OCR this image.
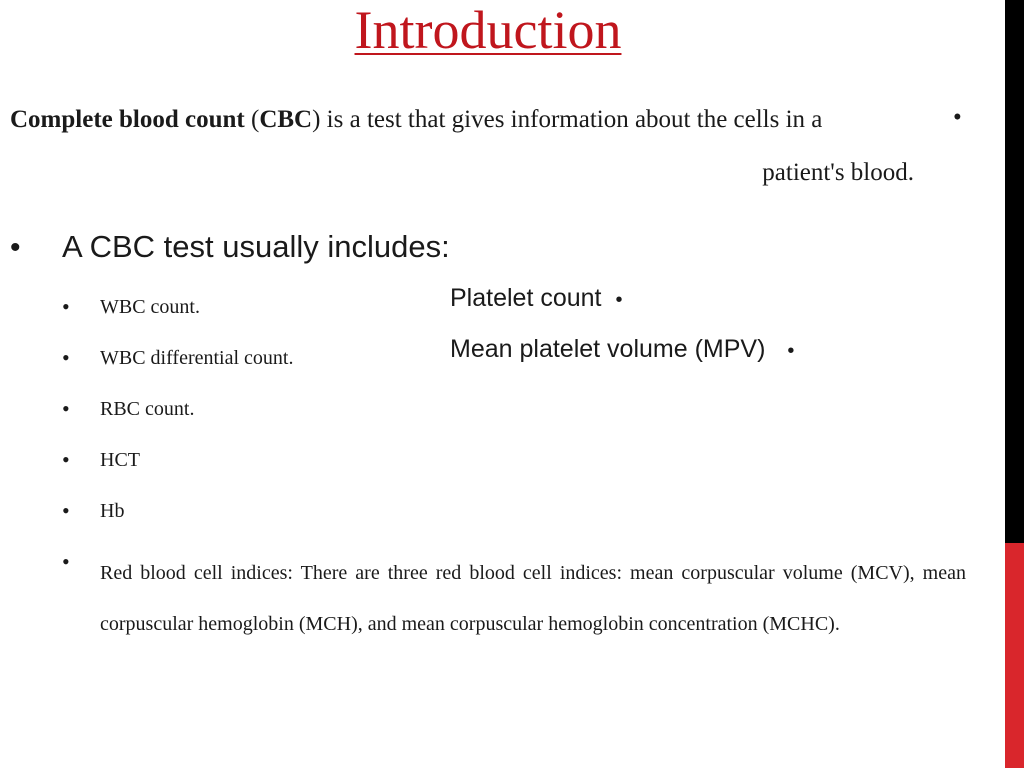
Introduction
Complete blood count (CBC) is a test that gives information about the cells in a
patient's blood.
•
• A CBC test usually includes:
• WBC count.
• WBC differential count.
• RBC count.
• HCT
• Hb
• Red blood cell indices: There are three red blood cell indices: mean corpuscular volume (MCV), mean corpuscular hemoglobin (MCH), and mean corpuscular hemoglobin concentration (MCHC).
Platelet count •
Mean platelet volume (MPV) •
